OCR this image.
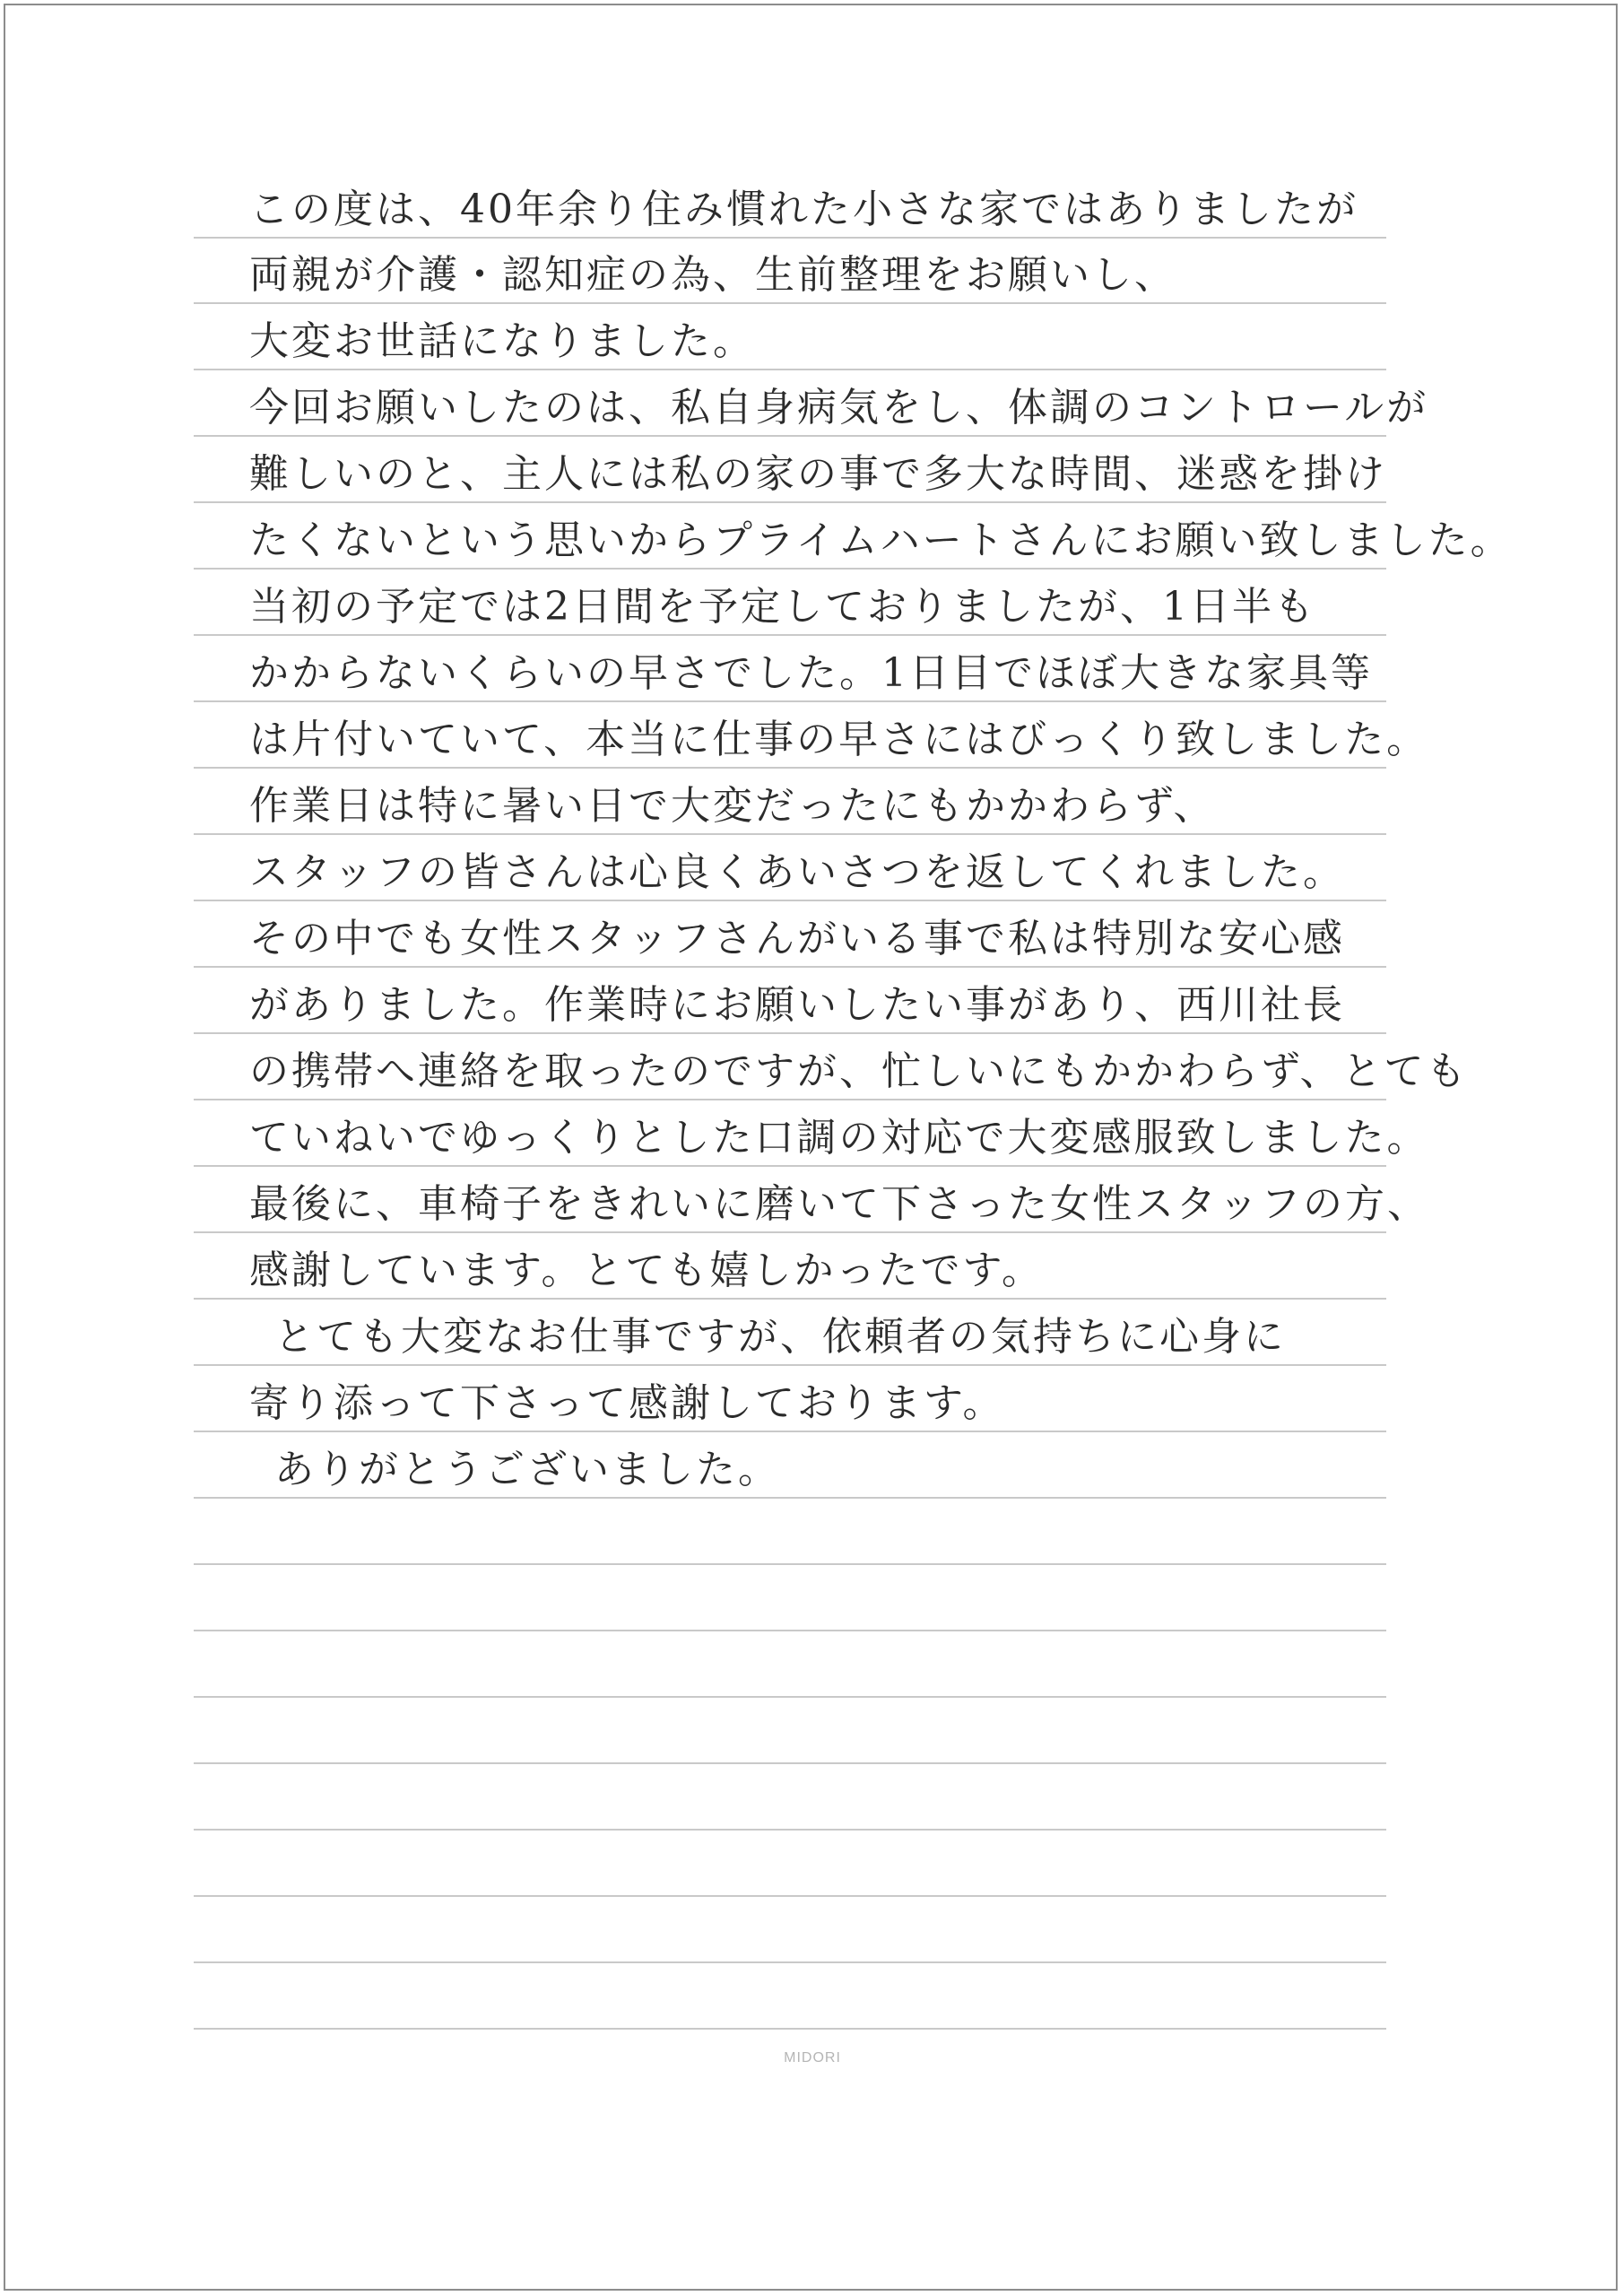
この度は、40年余り住み慣れた小さな家ではありましたが
両親が介護・認知症の為、生前整理をお願いし、
大変お世話になりました。
今回お願いしたのは、私自身病気をし、体調のコントロールが
難しいのと、主人には私の家の事で多大な時間、迷惑を掛け
たくないという思いからプライムハートさんにお願い致しました。
当初の予定では2日間を予定しておりましたが、1日半も
かからないくらいの早さでした。1日目でほぼ大きな家具等
は片付いていて、本当に仕事の早さにはびっくり致しました。
作業日は特に暑い日で大変だったにもかかわらず、
スタッフの皆さんは心良くあいさつを返してくれました。
その中でも女性スタッフさんがいる事で私は特別な安心感
がありました。作業時にお願いしたい事があり、西川社長
の携帯へ連絡を取ったのですが、忙しいにもかかわらず、とても
ていねいでゆっくりとした口調の対応で大変感服致しました。
最後に、車椅子をきれいに磨いて下さった女性スタッフの方、
感謝しています。とても嬉しかったです。
とても大変なお仕事ですが、依頼者の気持ちに心身に
寄り添って下さって感謝しております。
ありがとうございました。
MIDORI
